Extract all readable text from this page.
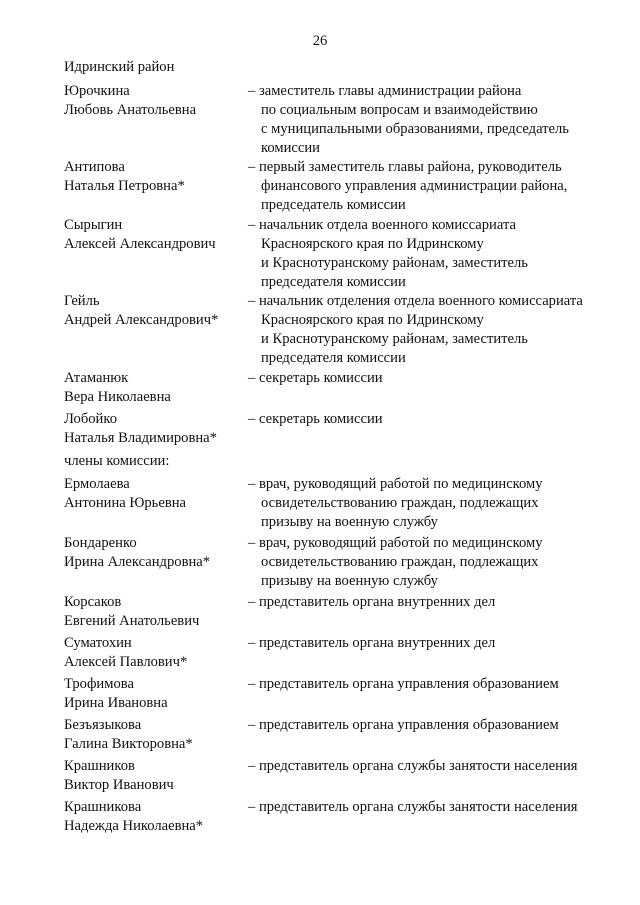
26
Идринский район
Юрочкина
Любовь Анатольевна
– заместитель главы администрации района
по социальным вопросам и взаимодействию
с муниципальными образованиями, председатель
комиссии
Антипова
Наталья Петровна*
– первый заместитель главы района, руководитель
финансового управления администрации района,
председатель комиссии
Сырыгин
Алексей Александрович
– начальник отдела военного комиссариата
Красноярского края по Идринскому
и Краснотуранскому районам, заместитель
председателя комиссии
Гейль
Андрей Александрович*
– начальник отделения отдела военного комиссариата
Красноярского края по Идринскому
и Краснотуранскому районам, заместитель
председателя комиссии
Атаманюк
Вера Николаевна
– секретарь комиссии
Лобойко
Наталья Владимировна*
– секретарь комиссии
члены комиссии:
Ермолаева
Антонина Юрьевна
– врач, руководящий работой по медицинскому
освидетельствованию граждан, подлежащих
призыву на военную службу
Бондаренко
Ирина Александровна*
– врач, руководящий работой по медицинскому
освидетельствованию граждан, подлежащих
призыву на военную службу
Корсаков
Евгений Анатольевич
– представитель органа внутренних дел
Суматохин
Алексей Павлович*
– представитель органа внутренних дел
Трофимова
Ирина Ивановна
– представитель органа управления образованием
Безъязыкова
Галина Викторовна*
– представитель органа управления образованием
Крашников
Виктор Иванович
– представитель органа службы занятости населения
Крашникова
Надежда Николаевна*
– представитель органа службы занятости населения
